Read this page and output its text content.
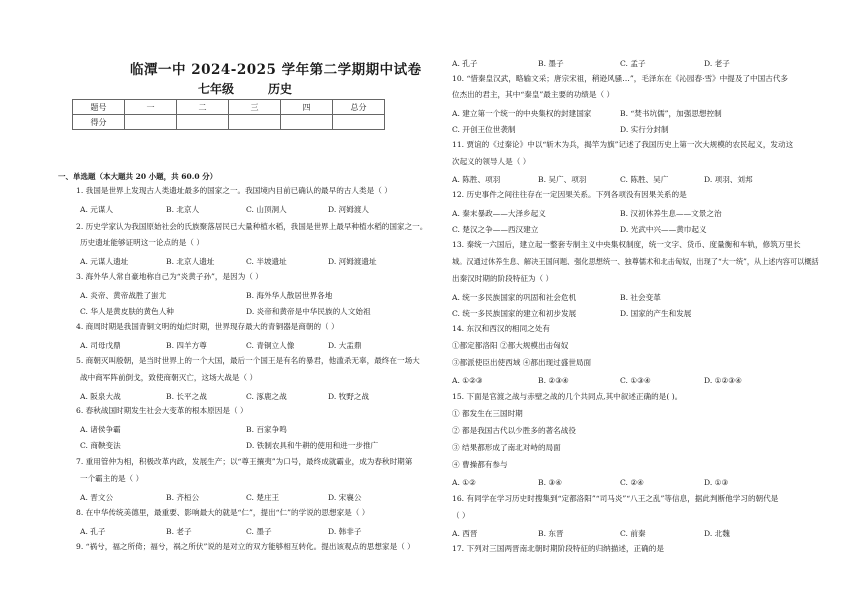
临潭一中 2024-2025 学年第二学期期中试卷
七年级	历史
题号	一	二	三	四	总分
得分					
一、单选题（本大题共 20 小题，共 60.0 分）
1. 我国是世界上发现古人类遗址最多的国家之一。我国境内目前已确认的最早的古人类是（ ）
A. 元谋人	B. 北京人	C. 山顶洞人	D. 河姆渡人
2. 历史学家认为我国原始社会的氏族聚落居民已大量种植水稻，我国是世界上最早种植水稻的国家之一。
历史遗址能够证明这一论点的是（ ）
A. 元谋人遗址	B. 北京人遗址	C. 半坡遗址	D. 河姆渡遗址
3. 海外华人常自豪地称自己为“炎黄子孙”，是因为（ ）
A. 炎帝、黄帝战胜了蚩尤	B. 海外华人散居世界各地
C. 华人是黄皮肤的黄色人种	D. 炎帝和黄帝是中华民族的人文始祖
4. 商周时期是我国青铜文明的灿烂时期，世界现存最大的青铜器是商朝的（ ）
A. 司母戊鼎	B. 四羊方尊	C. 青铜立人像	D. 大盂鼎
5. 商朝灭叫殷朝，是当时世界上的一个大国，最后一个国王是有名的暴君，他滥杀无辜，最终在一场大
战中商军阵前倒戈，致使商朝灭亡，这场大战是（ ）
A. 阪泉大战	B. 长平之战	C. 涿鹿之战	D. 牧野之战
6. 春秋战国时期发生社会大变革的根本原因是（ ）
A. 诸侯争霸	B. 百家争鸣
C. 商鞅变法	D. 铁制农具和牛耕的使用和进一步推广
7. 重用管仲为相，积极改革内政，发展生产；以“尊王攘夷”为口号，最终成就霸业，成为春秋时期第
一个霸主的是（ ）
A. 晋文公	B. 齐桓公	C. 楚庄王	D. 宋襄公
8. 在中华传统美德里，最重要、影响最大的就是“仁”，提出“仁”的学说的思想家是（ ）
A. 孔子	B. 老子	C. 墨子	D. 韩非子
9. “祸兮，福之所倚；福兮，祸之所伏”说的是对立的双方能够相互转化。提出该观点的思想家是（ ）
A. 孔子	B. 墨子	C. 孟子	D. 老子
10. “惜秦皇汉武，略输文采；唐宗宋祖，稍逊风骚…”，毛泽东在《沁园春·雪》中提及了中国古代多
位杰出的君主，其中“秦皇”最主要的功绩是（ ）
A. 建立第一个统一的中央集权的封建国家	B. “焚书坑儒”，加强思想控制
C. 开创王位世袭制	D. 实行分封制
11. 贾谊的《过秦论》中以“斩木为兵，揭竿为旗”记述了我国历史上第一次大规模的农民起义，发动这
次起义的领导人是（ ）
A. 陈胜、项羽	B. 吴广、项羽	C. 陈胜、吴广	D. 项羽、刘邦
12. 历史事件之间往往存在一定因果关系。下列各项没有因果关系的是
A. 秦末暴政——大泽乡起义	B. 汉初休养生息——文景之治
C. 楚汉之争——西汉建立	D. 光武中兴——黄巾起义
13. 秦统一六国后，建立起一整套专制主义中央集权制度，统一文字、货币、度量衡和车轨，修筑万里长
城。汉通过休养生息、解决王国问题、强化思想统一、独尊儒术和北击匈奴，出现了“大一统”，从上述内容可以概括
出秦汉时期的阶段特征为（ ）
A. 统一多民族国家的巩固和社会危机	B. 社会变革
C. 统一多民族国家的建立和初步发展	D. 国家的产生和发展
14. 东汉和西汉的相同之处有
①都定都洛阳 ②都大规模出击匈奴
③都派使臣出使西域 ④都出现过盛世局面
A. ①②③	B. ②③④	C. ①③④	D. ①②③④
15. 下面是官渡之战与赤壁之战的几个共同点,其中叙述正确的是( )。
① 都发生在三国时期
② 都是我国古代以少胜多的著名战役
③ 结果都形成了南北对峙的局面
④ 曹操都有参与
A. ①②	B. ③④	C. ②④	D. ①③
16. 有同学在学习历史时搜集到“定都洛阳”“司马炎”“八王之乱”等信息，据此判断他学习的朝代是
（ ）
A. 西晋	B. 东晋	C. 前秦	D. 北魏
17. 下列对三国两晋南北朝时期阶段特征的归纳描述，正确的是
